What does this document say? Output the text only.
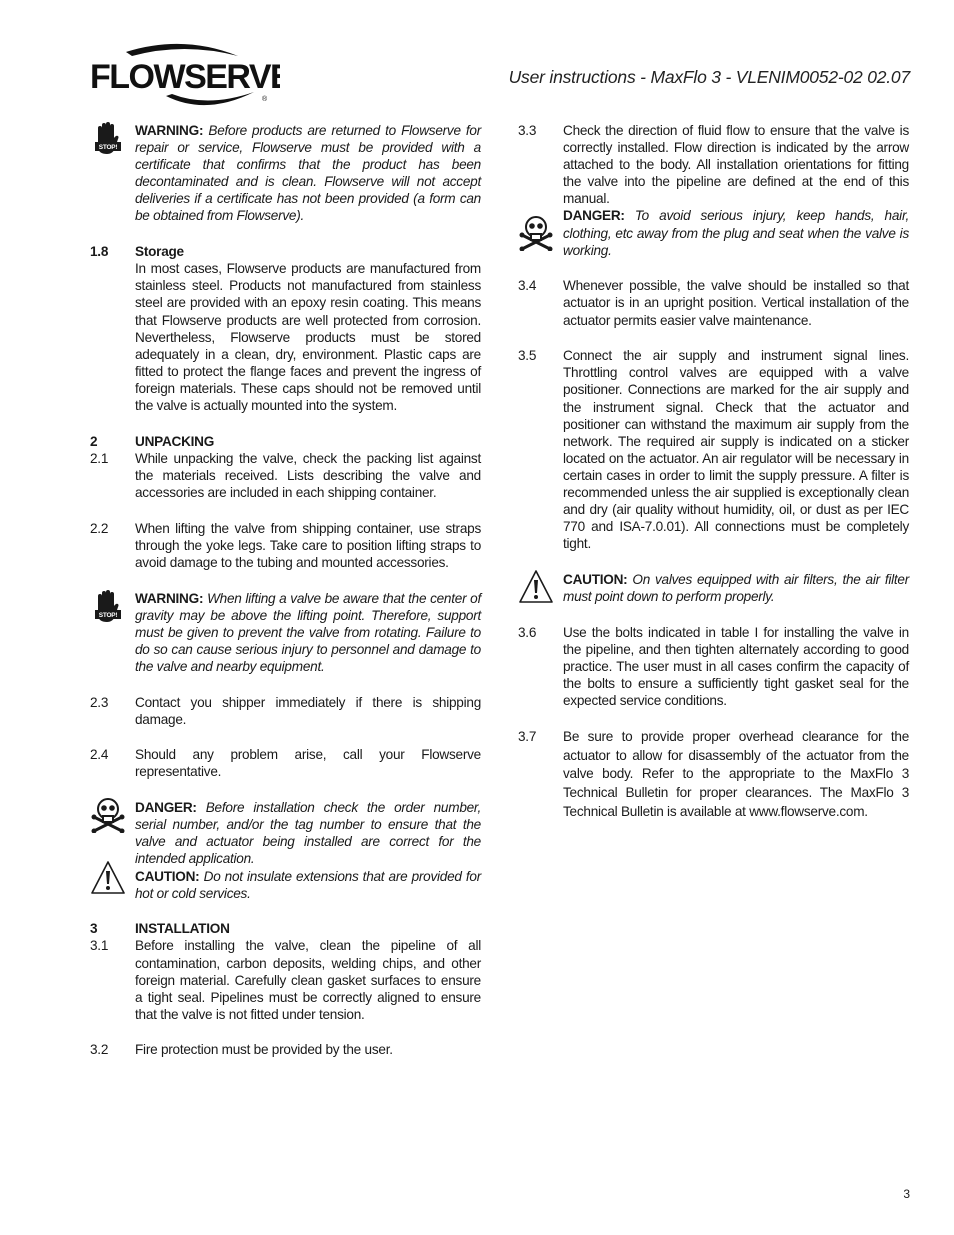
FLOWSERVE
®
User instructions - MaxFlo 3 - VLENIM0052-02 02.07
STOP!
WARNING: Before products are returned to Flowserve for repair or service, Flowserve must be provided with a certificate that confirms that the product has been decontaminated and is clean. Flowserve will not accept deliveries if a certificate has not been provided (a form can be obtained from Flowserve).
1.8 Storage
In most cases, Flowserve products are manufactured from stainless steel. Products not manufactured from stainless steel are provided with an epoxy resin coating. This means that Flowserve products are well protected from corrosion. Nevertheless, Flowserve products must be stored adequately in a clean, dry, environment. Plastic caps are fitted to protect the flange faces and prevent the ingress of foreign materials. These caps should not be removed until the valve is actually mounted into the system.
2	UNPACKING
2.1 While unpacking the valve, check the packing list against the materials received. Lists describing the valve and accessories are included in each shipping container.
2.2 When lifting the valve from shipping container, use straps through the yoke legs. Take care to position lifting straps to avoid damage to the tubing and mounted accessories.
STOP!
WARNING: When lifting a valve be aware that the center of gravity may be above the lifting point. Therefore, support must be given to prevent the valve from rotating. Failure to do so can cause serious injury to personnel and damage to the valve and nearby equipment.
2.3 Contact you shipper immediately if there is shipping damage.
2.4 Should any problem arise, call your Flowserve representative.
DANGER: Before installation check the order number, serial number, and/or the tag number to ensure that the valve and actuator being installed are correct for the intended application.
CAUTION: Do not insulate extensions that are provided for hot or cold services.
3	INSTALLATION
3.1 Before installing the valve, clean the pipeline of all contamination, carbon deposits, welding chips, and other foreign material. Carefully clean gasket surfaces to ensure a tight seal. Pipelines must be correctly aligned to ensure that the valve is not fitted under tension.
3.2 Fire protection must be provided by the user.
3.3 Check the direction of fluid flow to ensure that the valve is correctly installed. Flow direction is indicated by the arrow attached to the body. All installation orientations for fitting the valve into the pipeline are defined at the end of this manual.
DANGER: To avoid serious injury, keep hands, hair, clothing, etc away from the plug and seat when the valve is working.
3.4 Whenever possible, the valve should be installed so that actuator is in an upright position. Vertical installation of the actuator permits easier valve maintenance.
3.5 Connect the air supply and instrument signal lines. Throttling control valves are equipped with a valve positioner. Connections are marked for the air supply and the instrument signal. Check that the actuator and positioner can withstand the maximum air supply from the network. The required air supply is indicated on a sticker located on the actuator. An air regulator will be necessary in certain cases in order to limit the supply pressure. A filter is recommended unless the air supplied is exceptionally clean and dry (air quality without humidity, oil, or dust as per IEC 770 and ISA-7.0.01). All connections must be completely tight.
CAUTION: On valves equipped with air filters, the air filter must point down to perform properly.
3.6 Use the bolts indicated in table I for installing the valve in the pipeline, and then tighten alternately according to good practice. The user must in all cases confirm the capacity of the bolts to ensure a sufficiently tight gasket seal for the expected service conditions.
3.7 Be sure to provide proper overhead clearance for the actuator to allow for disassembly of the actuator from the valve body. Refer to the appropriate to the MaxFlo 3 Technical Bulletin for proper clearances. The MaxFlo 3 Technical Bulletin is available at www.flowserve.com.
3
